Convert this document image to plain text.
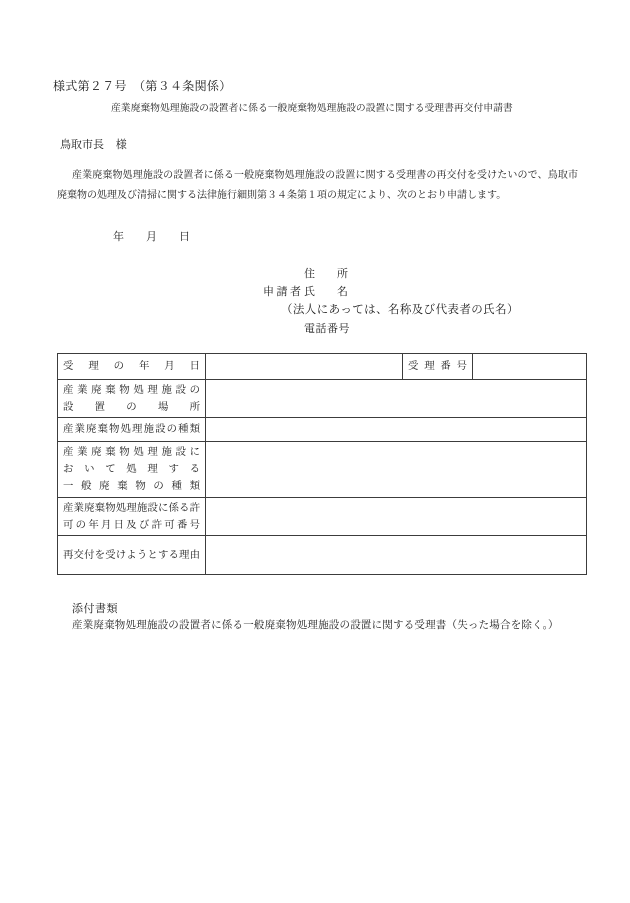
様式第２７号　（第３４条関係）
産業廃棄物処理施設の設置者に係る一般廃棄物処理施設の設置に関する受理書再交付申請書
鳥取市長 様

産業廃棄物処理施設の設置者に係る一般廃棄物処理施設の設置に関する受理書の再交付を受けたいので、鳥取市廃棄物の処理及び清掃に関する法律施行細則第３４条第１項の規定により、次のとおり申請します。

年　　月　　日
申請者
住　　所
氏　　名
（法人にあっては、名称及び代表者の氏名）
電話番号
受理の年月日		受理番号	

産業廃棄物処理施設の
設置の場所			

産業廃棄物処理施設の種類			

産業廃棄物処理施設に
おいて処理する
一般廃棄物の種類			

産業廃棄物処理施設に係る許
可の年月日及び許可番号			

再交付を受けようとする理由			

添付書類
産業廃棄物処理施設の設置者に係る一般廃棄物処理施設の設置に関する受理書（失った場合を除く。）
